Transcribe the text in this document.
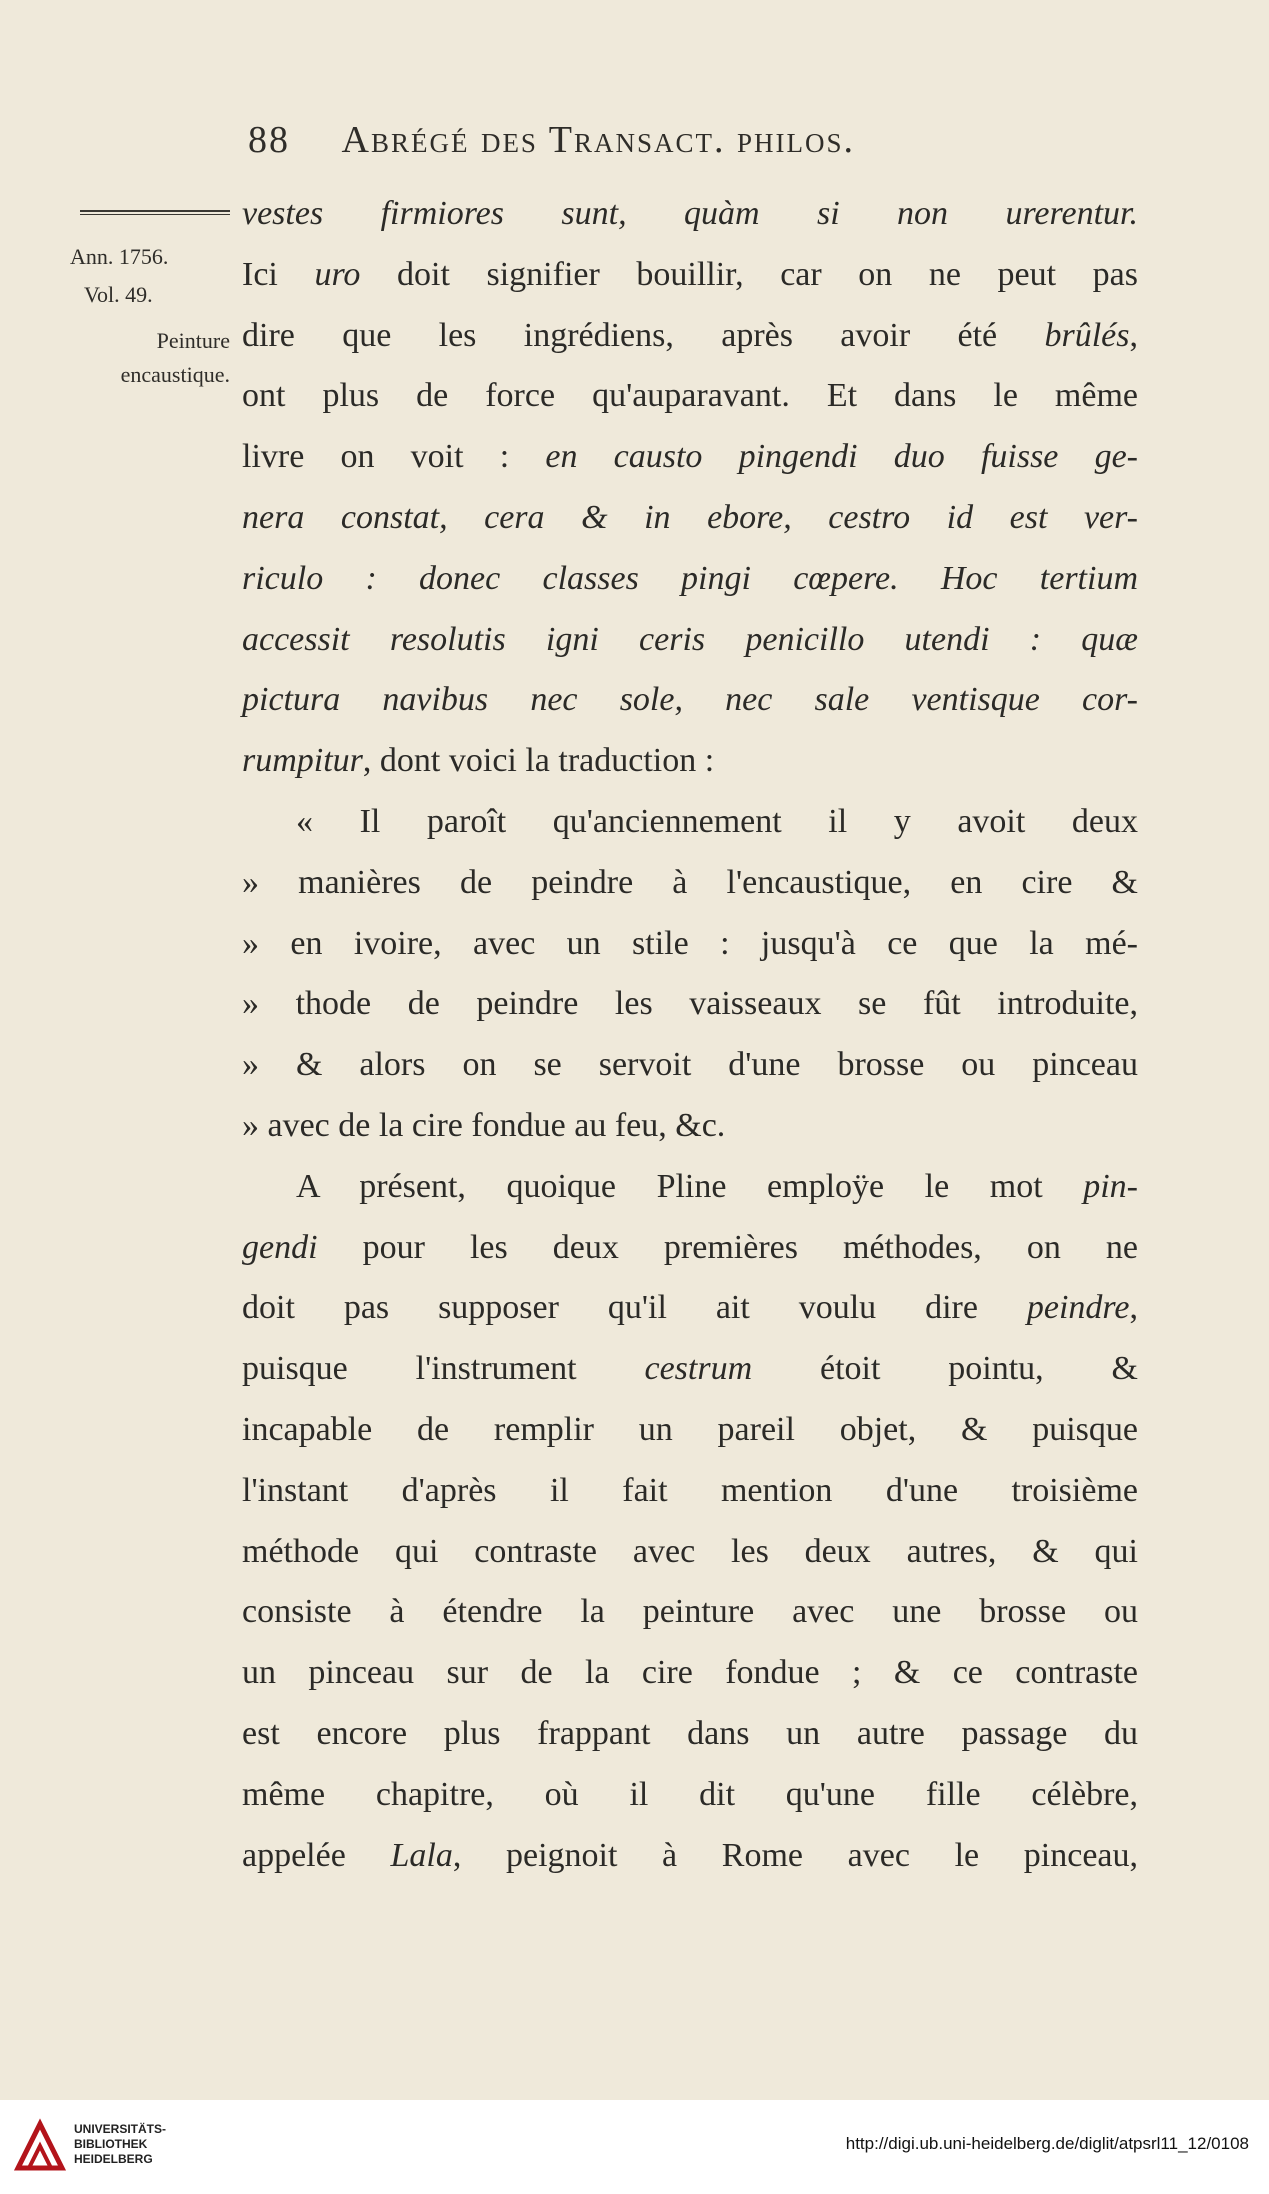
88 Abrégé des Transact. philos.
Ann. 1756.
Vol. 49.
Peinture
encaustique.
vestes firmiores sunt, quàm si non urerentur.
Ici uro doit signifier bouillir, car on ne peut pas
dire que les ingrédiens, après avoir été brûlés,
ont plus de force qu'auparavant. Et dans le même
livre on voit : en causto pingendi duo fuisse ge-
nera constat, cera & in ebore, cestro id est ver-
riculo : donec classes pingi cœpere. Hoc tertium
accessit resolutis igni ceris penicillo utendi : quæ
pictura navibus nec sole, nec sale ventisque cor-
rumpitur, dont voici la traduction :
« Il paroît qu'anciennement il y avoit deux
» manières de peindre à l'encaustique, en cire &
» en ivoire, avec un stile : jusqu'à ce que la mé-
» thode de peindre les vaisseaux se fût introduite,
» & alors on se servoit d'une brosse ou pinceau
» avec de la cire fondue au feu, &c.
A présent, quoique Pline emploÿe le mot pin-
gendi pour les deux premières méthodes, on ne
doit pas supposer qu'il ait voulu dire peindre,
puisque l'instrument cestrum étoit pointu, &
incapable de remplir un pareil objet, & puisque
l'instant d'après il fait mention d'une troisième
méthode qui contraste avec les deux autres, & qui
consiste à étendre la peinture avec une brosse ou
un pinceau sur de la cire fondue ; & ce contraste
est encore plus frappant dans un autre passage du
même chapitre, où il dit qu'une fille célèbre,
appelée Lala, peignoit à Rome avec le pinceau,
UNIVERSITÄTS-
BIBLIOTHEK
HEIDELBERG
http://digi.ub.uni-heidelberg.de/diglit/atpsrl11_12/0108
